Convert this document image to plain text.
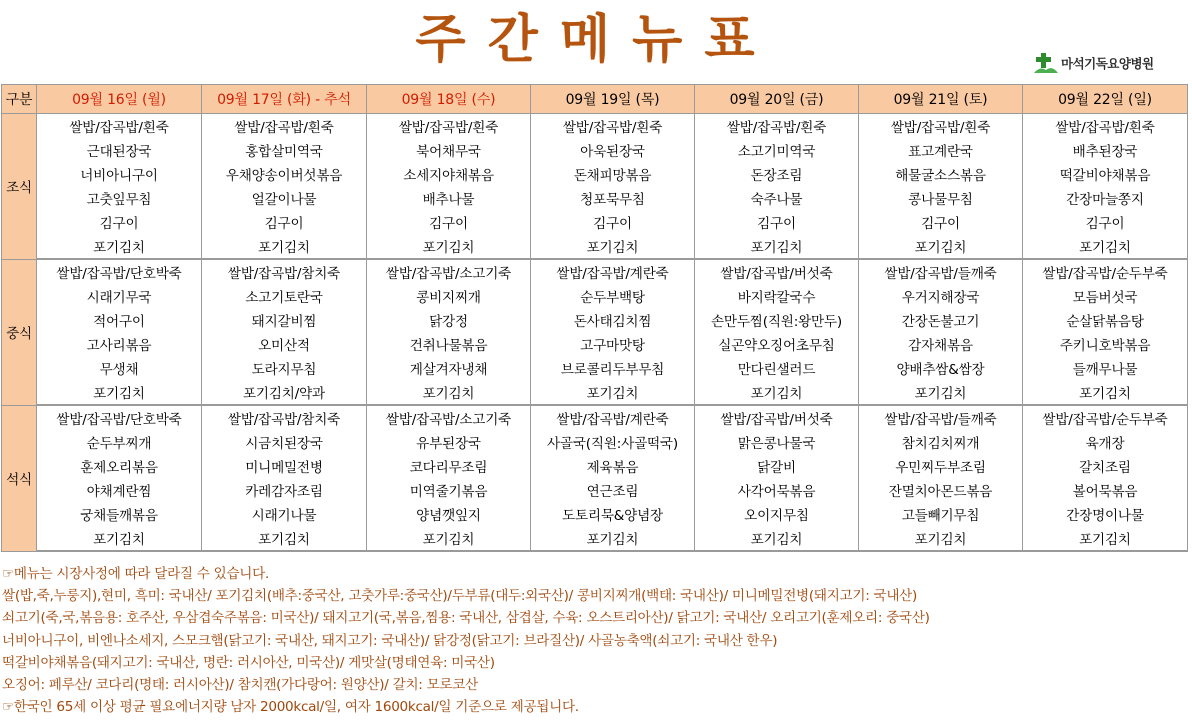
주간메뉴표	마석기독요양병원
구분	09월 16일 (월)	09월 17일 (화) - 추석	09월 18일 (수)	09월 19일 (목)	09월 20일 (금)	09월 21일 (토)	09월 22일 (일)
조식	쌀밥/잡곡밥/흰죽	쌀밥/잡곡밥/흰죽	쌀밥/잡곡밥/흰죽	쌀밥/잡곡밥/흰죽	쌀밥/잡곡밥/흰죽	쌀밥/잡곡밥/흰죽	쌀밥/잡곡밥/흰죽
	근대된장국	홍합살미역국	북어채무국	아욱된장국	소고기미역국	표고계란국	배추된장국
	너비아니구이	우채양송이버섯볶음	소세지야채볶음	돈채피망볶음	돈장조림	해물굴소스볶음	떡갈비야채볶음
	고춧잎무침	얼갈이나물	배추나물	청포묵무침	숙주나물	콩나물무침	간장마늘쫑지
	김구이	김구이	김구이	김구이	김구이	김구이	김구이
	포기김치	포기김치	포기김치	포기김치	포기김치	포기김치	포기김치
중식	쌀밥/잡곡밥/단호박죽	쌀밥/잡곡밥/참치죽	쌀밥/잡곡밥/소고기죽	쌀밥/잡곡밥/계란죽	쌀밥/잡곡밥/버섯죽	쌀밥/잡곡밥/들깨죽	쌀밥/잡곡밥/순두부죽
	시래기무국	소고기토란국	콩비지찌개	순두부백탕	바지락칼국수	우거지해장국	모듬버섯국
	적어구이	돼지갈비찜	닭강정	돈사태김치찜	손만두찜(직원:왕만두)	간장돈불고기	순살닭볶음탕
	고사리볶음	오미산적	건취나물볶음	고구마맛탕	실곤약오징어초무침	감자채볶음	주키니호박볶음
	무생채	도라지무침	게살겨자냉채	브로콜리두부무침	만다린샐러드	양배추쌈&쌈장	들깨무나물
	포기김치	포기김치/약과	포기김치	포기김치	포기김치	포기김치	포기김치
석식	쌀밥/잡곡밥/단호박죽	쌀밥/잡곡밥/참치죽	쌀밥/잡곡밥/소고기죽	쌀밥/잡곡밥/계란죽	쌀밥/잡곡밥/버섯죽	쌀밥/잡곡밥/들깨죽	쌀밥/잡곡밥/순두부죽
	순두부찌개	시금치된장국	유부된장국	사골국(직원:사골떡국)	맑은콩나물국	참치김치찌개	육개장
	훈제오리볶음	미니메밀전병	코다리무조림	제육볶음	닭갈비	우민찌두부조림	갈치조림
	야채계란찜	카레감자조림	미역줄기볶음	연근조림	사각어묵볶음	잔멸치아몬드볶음	볼어묵볶음
	궁채들깨볶음	시래기나물	양념깻잎지	도토리묵&양념장	오이지무침	고들빼기무침	간장명이나물
	포기김치	포기김치	포기김치	포기김치	포기김치	포기김치	포기김치
☞메뉴는 시장사정에 따라 달라질 수 있습니다.
쌀(밥,죽,누룽지),현미, 흑미: 국내산/ 포기김치(배추:중국산, 고춧가루:중국산)/두부류(대두:외국산)/ 콩비지찌개(백태: 국내산)/ 미니메밀전병(돼지고기: 국내산)
쇠고기(죽,국,볶음용: 호주산, 우삼겹숙주볶음: 미국산)/ 돼지고기(국,볶음,찜용: 국내산, 삼겹살, 수육: 오스트리아산)/ 닭고기: 국내산/ 오리고기(훈제오리: 중국산)
너비아니구이, 비엔나소세지, 스모크햄(닭고기: 국내산, 돼지고기: 국내산)/ 닭강정(닭고기: 브라질산)/ 사골농축액(쇠고기: 국내산 한우)
떡갈비야채볶음(돼지고기: 국내산, 명란: 러시아산, 미국산)/ 게맛살(명태연육: 미국산)
오징어: 페루산/ 코다리(명태: 러시아산)/ 참치캔(가다랑어: 원양산)/ 갈치: 모로코산
☞한국인 65세 이상 평균 필요에너지량 남자 2000kcal/일, 여자 1600kcal/일 기준으로 제공됩니다.
